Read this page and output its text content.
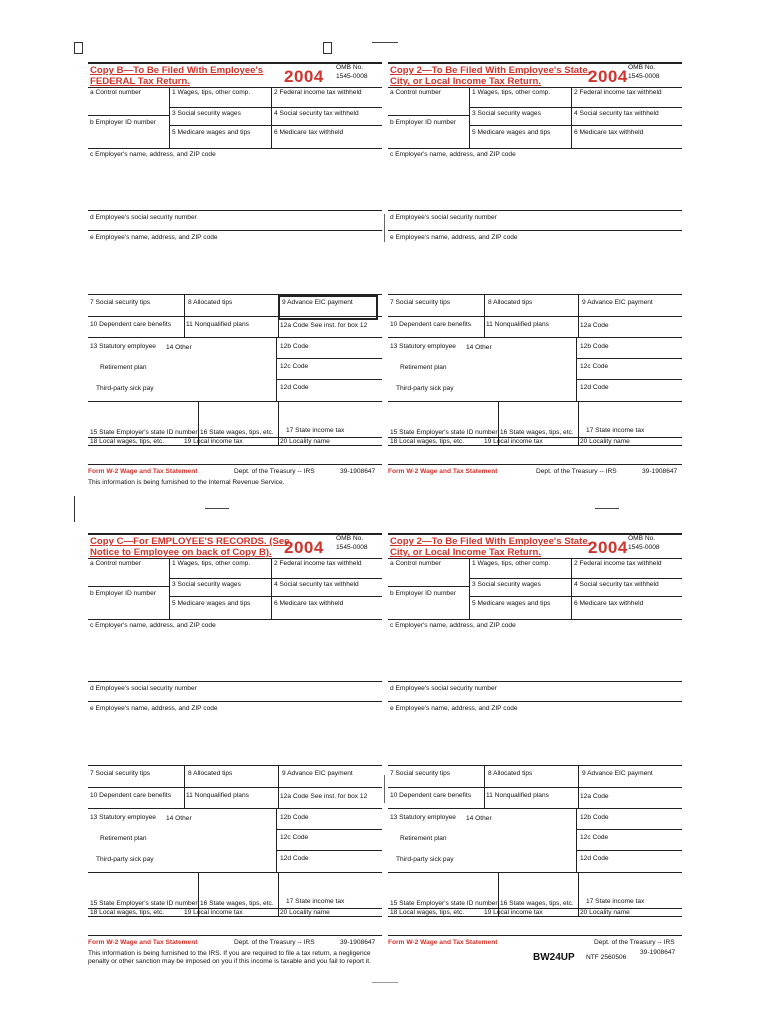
Copy B—To Be Filed With Employee's
FEDERAL Tax Return.	2004 OMB No.
1545-0008
a Control number	1 Wages, tips, other comp.	2 Federal income tax withheld
3 Social security wages	4 Social security tax withheld
b Employer ID number
5 Medicare wages and tips	6 Medicare tax withheld
c Employer's name, address, and ZIP code
d Employee's social security number
e Employee's name, address, and ZIP code
7 Social security tips	8 Allocated tips	9 Advance EIC payment
10 Dependent care benefits 11 Nonqualified plans	12a Code See inst. for box 12
13 Statutory employee 14 Other	12b Code
Retirement plan	12c Code
Third-party sick pay	12d Code
15 State Employer's state ID number 16 State wages, tips, etc. 17 State income tax
18 Local wages, tips, etc.	19 Local income tax	20 Locality name
Form W-2 Wage and Tax Statement	Dept. of the Treasury -- IRS	39-1908647
Copy 2—To Be Filed With Employee's State,
City, or Local Income Tax Return.	2004 OMB No.
1545-0008
a Control number	1 Wages, tips, other comp.	2 Federal income tax withheld
3 Social security wages	4 Social security tax withheld
b Employer ID number
5 Medicare wages and tips	6 Medicare tax withheld
c Employer's name, address, and ZIP code
d Employee's social security number
e Employee's name, address, and ZIP code
7 Social security tips	8 Allocated tips	9 Advance EIC payment
10 Dependent care benefits 11 Nonqualified plans	12a Code
13 Statutory employee 14 Other	12b Code
Retirement plan	12c Code
Third-party sick pay	12d Code
15 State Employer's state ID number 16 State wages, tips, etc. 17 State income tax
18 Local wages, tips, etc.	19 Local income tax	20 Locality name
Form W-2 Wage and Tax Statement	Dept. of the Treasury -- IRS	39-1908647
Copy C—For EMPLOYEE'S RECORDS. (See
Notice to Employee on back of Copy B). 2004 OMB No.
1545-0008
a Control number	1 Wages, tips, other comp.	2 Federal income tax withheld
3 Social security wages	4 Social security tax withheld
b Employer ID number
5 Medicare wages and tips	6 Medicare tax withheld
c Employer's name, address, and ZIP code
d Employee's social security number
e Employee's name, address, and ZIP code
7 Social security tips	8 Allocated tips	9 Advance EIC payment
10 Dependent care benefits 11 Nonqualified plans	12a Code See inst. for box 12
13 Statutory employee 14 Other	12b Code
Retirement plan	12c Code
Third-party sick pay	12d Code
15 State Employer's state ID number 16 State wages, tips, etc. 17 State income tax
18 Local wages, tips, etc.	19 Local income tax	20 Locality name
Form W-2 Wage and Tax Statement	Dept. of the Treasury -- IRS	39-1908647
Copy 2—To Be Filed With Employee's State,
City, or Local Income Tax Return.	2004 OMB No.
1545-0008
a Control number	1 Wages, tips, other comp.	2 Federal income tax withheld
3 Social security wages	4 Social security tax withheld
b Employer ID number
5 Medicare wages and tips	6 Medicare tax withheld
c Employer's name, address, and ZIP code
d Employee's social security number
e Employee's name, address, and ZIP code
7 Social security tips	8 Allocated tips	9 Advance EIC payment
10 Dependent care benefits 11 Nonqualified plans	12a Code
13 Statutory employee 14 Other	12b Code
Retirement plan	12c Code
Third-party sick pay	12d Code
15 State Employer's state ID number 16 State wages, tips, etc. 17 State income tax
18 Local wages, tips, etc.	19 Local income tax	20 Locality name
Form W-2 Wage and Tax Statement	Dept. of the Treasury -- IRS
39-1908647
This information is being furnished to the Internal Revenue Service.
This information is being furnished to the IRS. If you are required to file a tax return, a negligence
penalty or other sanction may be imposed on you if this income is taxable and you fail to report it.	BW24UP NTF 2560506
